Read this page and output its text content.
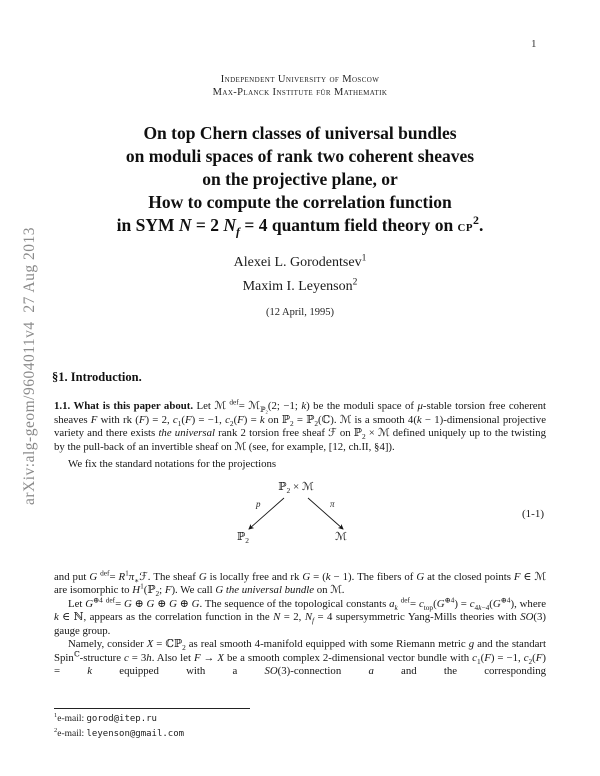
arXiv:alg-geom/9604011v4  27 Aug 2013
1
Independent University of Moscow
Max-Planck Institute für Mathematik
On top Chern classes of universal bundles
on moduli spaces of rank two coherent sheaves
on the projective plane, or
How to compute the correlation function
in SYM N = 2 $N_f = 4$ quantum field theory on $CP^2$.
Alexei L. Gorodentsev$^1$
Maxim I. Leyenson$^2$
(12 April, 1995)
§1. Introduction.

1.1. What is this paper about. Let ℳ $^{def}$= ℳ$_{ℙ_2}$(2; −1; k) be the moduli space of μ-stable torsion free coherent sheaves F with rk (F) = 2, $c_1(F) = -1$, $c_2(F) = k$ on ℙ$_2$ = ℙ$_2$(ℂ). ℳ is a smooth 4(k − 1)-dimensional projective variety and there exists the universal rank 2 torsion free sheaf ℱ on ℙ$_2$ × ℳ defined uniquely up to the twisting by the pull-back of an invertible sheaf on ℳ (see, for example, [12, ch.II, §4]).

We fix the standard notations for the projections

ℙ$_2$ × ℳ
p	π
ℙ$_2$	ℳ
(1-1)

and put G $^{def}= R^1\pi_∗ℱ$. The sheaf G is locally free and rk G = (k − 1). The fibers of G at the closed points F ∈ ℳ are isomorphic to $H^1(ℙ_2$; F). We call G the universal bundle on ℳ.

Let $G^{\oplus 4}$ $^{def}$= G ⊕ G ⊕ G ⊕ G. The sequence of the topological constants $a_k$ $^{def}= c_{top}(G^{\oplus 4}) = c_{4k-4}(G^{\oplus 4})$, where k ∈ ℕ, appears as the correlation function in the N = 2, $N_f = 4$ supersymmetric Yang-Mills theories with SO(3) gauge group.

Namely, consider X = ℂℙ$_2$ as real smooth 4-manifold equipped with some Riemann metric g and the standart Spin$^ℂ$-structure c = 3h. Also let F → X be a smooth complex 2-dimensional vector bundle with $c_1(F) = -1$, $c_2(F) = k$ equipped with a SO(3)-connection a and the corresponding

$^1$e-mail: gorod@itep.ru
$^2$e-mail: leyenson@gmail.com
